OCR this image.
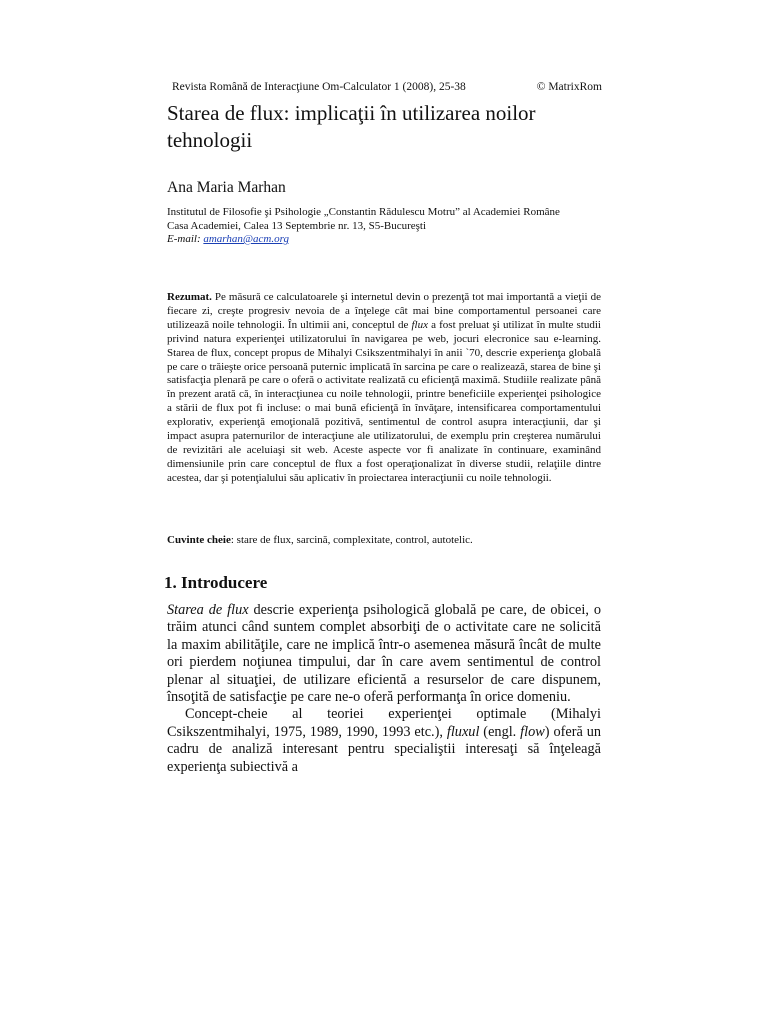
Revista Română de Interacţiune Om-Calculator 1 (2008), 25-38	© MatrixRom
Starea de flux: implicaţii în utilizarea noilor tehnologii
Ana Maria Marhan
Institutul de Filosofie şi Psihologie „Constantin Rădulescu Motru” al Academiei Române
Casa Academiei, Calea 13 Septembrie nr. 13, S5-Bucureşti
E-mail: amarhan@acm.org

Rezumat. Pe măsură ce calculatoarele şi internetul devin o prezenţă tot mai importantă a vieţii de fiecare zi, creşte progresiv nevoia de a înţelege cât mai bine comportamentul persoanei care utilizează noile tehnologii. În ultimii ani, conceptul de flux a fost preluat şi utilizat în multe studii privind natura experienţei utilizatorului în navigarea pe web, jocuri elecronice sau e-learning. Starea de flux, concept propus de Mihalyi Csikszentmihalyi în anii `70, descrie experienţa globală pe care o trăieşte orice persoană puternic implicată în sarcina pe care o realizează, starea de bine şi satisfacţia plenară pe care o oferă o activitate realizată cu eficienţă maximă. Studiile realizate până în prezent arată că, în interacţiunea cu noile tehnologii, printre beneficiile experienţei psihologice a stării de flux pot fi incluse: o mai bună eficienţă în învăţare, intensificarea comportamentului explorativ, experienţă emoţională pozitivă, sentimentul de control asupra interacţiunii, dar şi impact asupra paternurilor de interacţiune ale utilizatorului, de exemplu prin creşterea numărului de revizitări ale aceluiaşi sit web. Aceste aspecte vor fi analizate în continuare, examinând dimensiunile prin care conceptul de flux a fost operaţionalizat în diverse studii, relaţiile dintre acestea, dar şi potenţialului său aplicativ în proiectarea interacţiunii cu noile tehnologii.

Cuvinte cheie: stare de flux, sarcină, complexitate, control, autotelic.

1. Introducere

Starea de flux descrie experienţa psihologică globală pe care, de obicei, o trăim atunci când suntem complet absorbiţi de o activitate care ne solicită la maxim abilităţile, care ne implică într-o asemenea măsură încât de multe ori pierdem noţiunea timpului, dar în care avem sentimentul de control plenar al situaţiei, de utilizare eficientă a resurselor de care dispunem, însoţită de satisfacţie pe care ne-o oferă performanţa în orice domeniu.

Concept-cheie al teoriei experienţei optimale (Mihalyi Csikszentmihalyi, 1975, 1989, 1990, 1993 etc.), fluxul (engl. flow) oferă un cadru de analiză interesant pentru specialiştii interesaţi să înţeleagă experienţa subiectivă a
